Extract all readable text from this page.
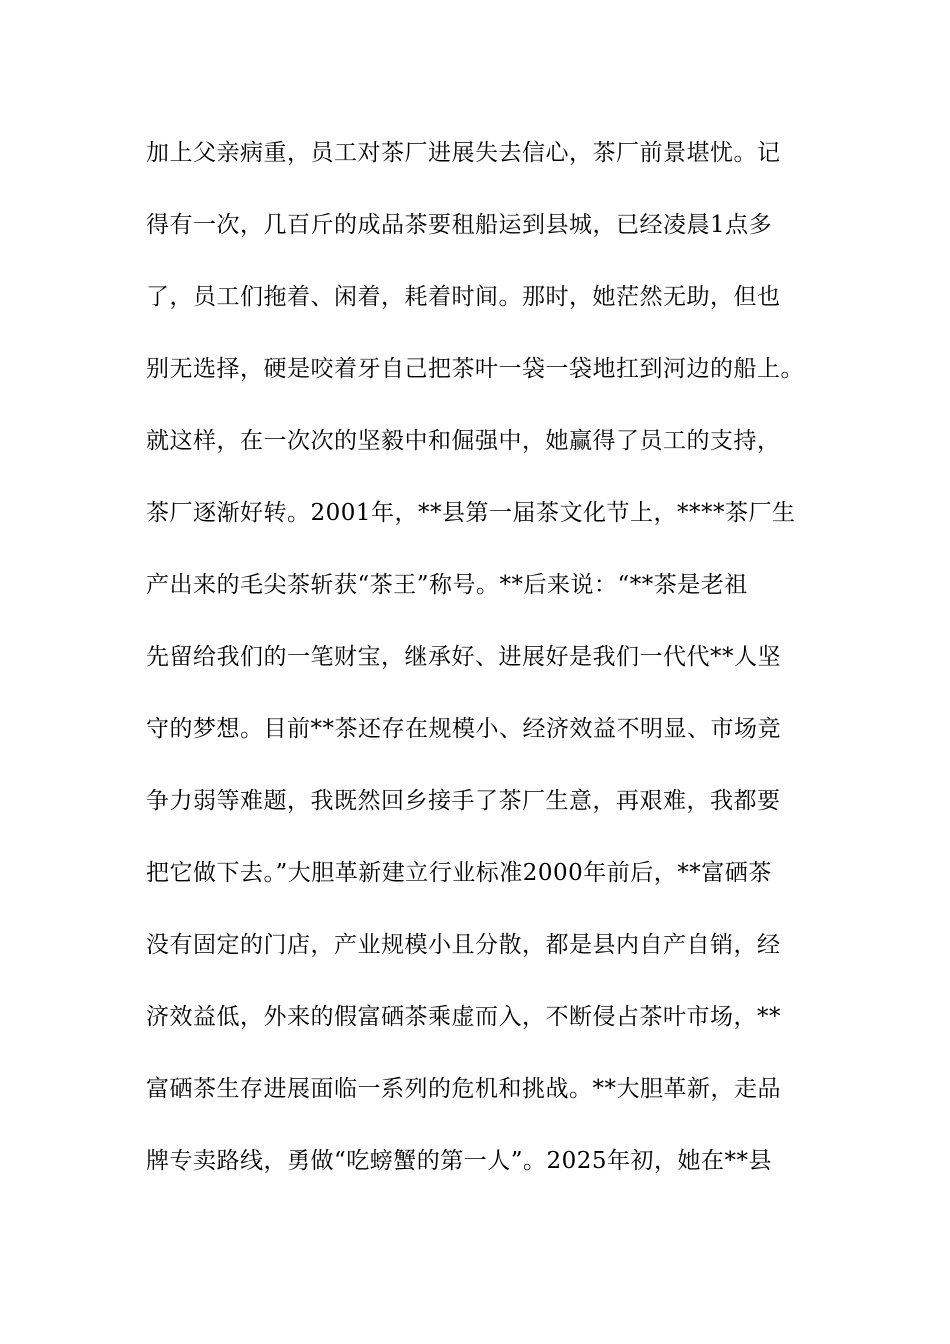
加上父亲病重，员工对茶厂进展失去信心，茶厂前景堪忧。记
得有一次，几百斤的成品茶要租船运到县城，已经凌晨1点多
了，员工们拖着、闲着，耗着时间。那时，她茫然无助，但也
别无选择，硬是咬着牙自己把茶叶一袋一袋地扛到河边的船上。
就这样，在一次次的坚毅中和倔强中，她赢得了员工的支持，
茶厂逐渐好转。2001年，**县第一届茶文化节上，****茶厂生
产出来的毛尖茶斩获“茶王”称号。**后来说：“**茶是老祖
先留给我们的一笔财宝，继承好、进展好是我们一代代**人坚
守的梦想。目前**茶还存在规模小、经济效益不明显、市场竞
争力弱等难题，我既然回乡接手了茶厂生意，再艰难，我都要
把它做下去。”大胆革新建立行业标准2000年前后，**富硒茶
没有固定的门店，产业规模小且分散，都是县内自产自销，经
济效益低，外来的假富硒茶乘虚而入，不断侵占茶叶市场，**
富硒茶生存进展面临一系列的危机和挑战。**大胆革新，走品
牌专卖路线，勇做“吃螃蟹的第一人”。2025年初，她在**县
